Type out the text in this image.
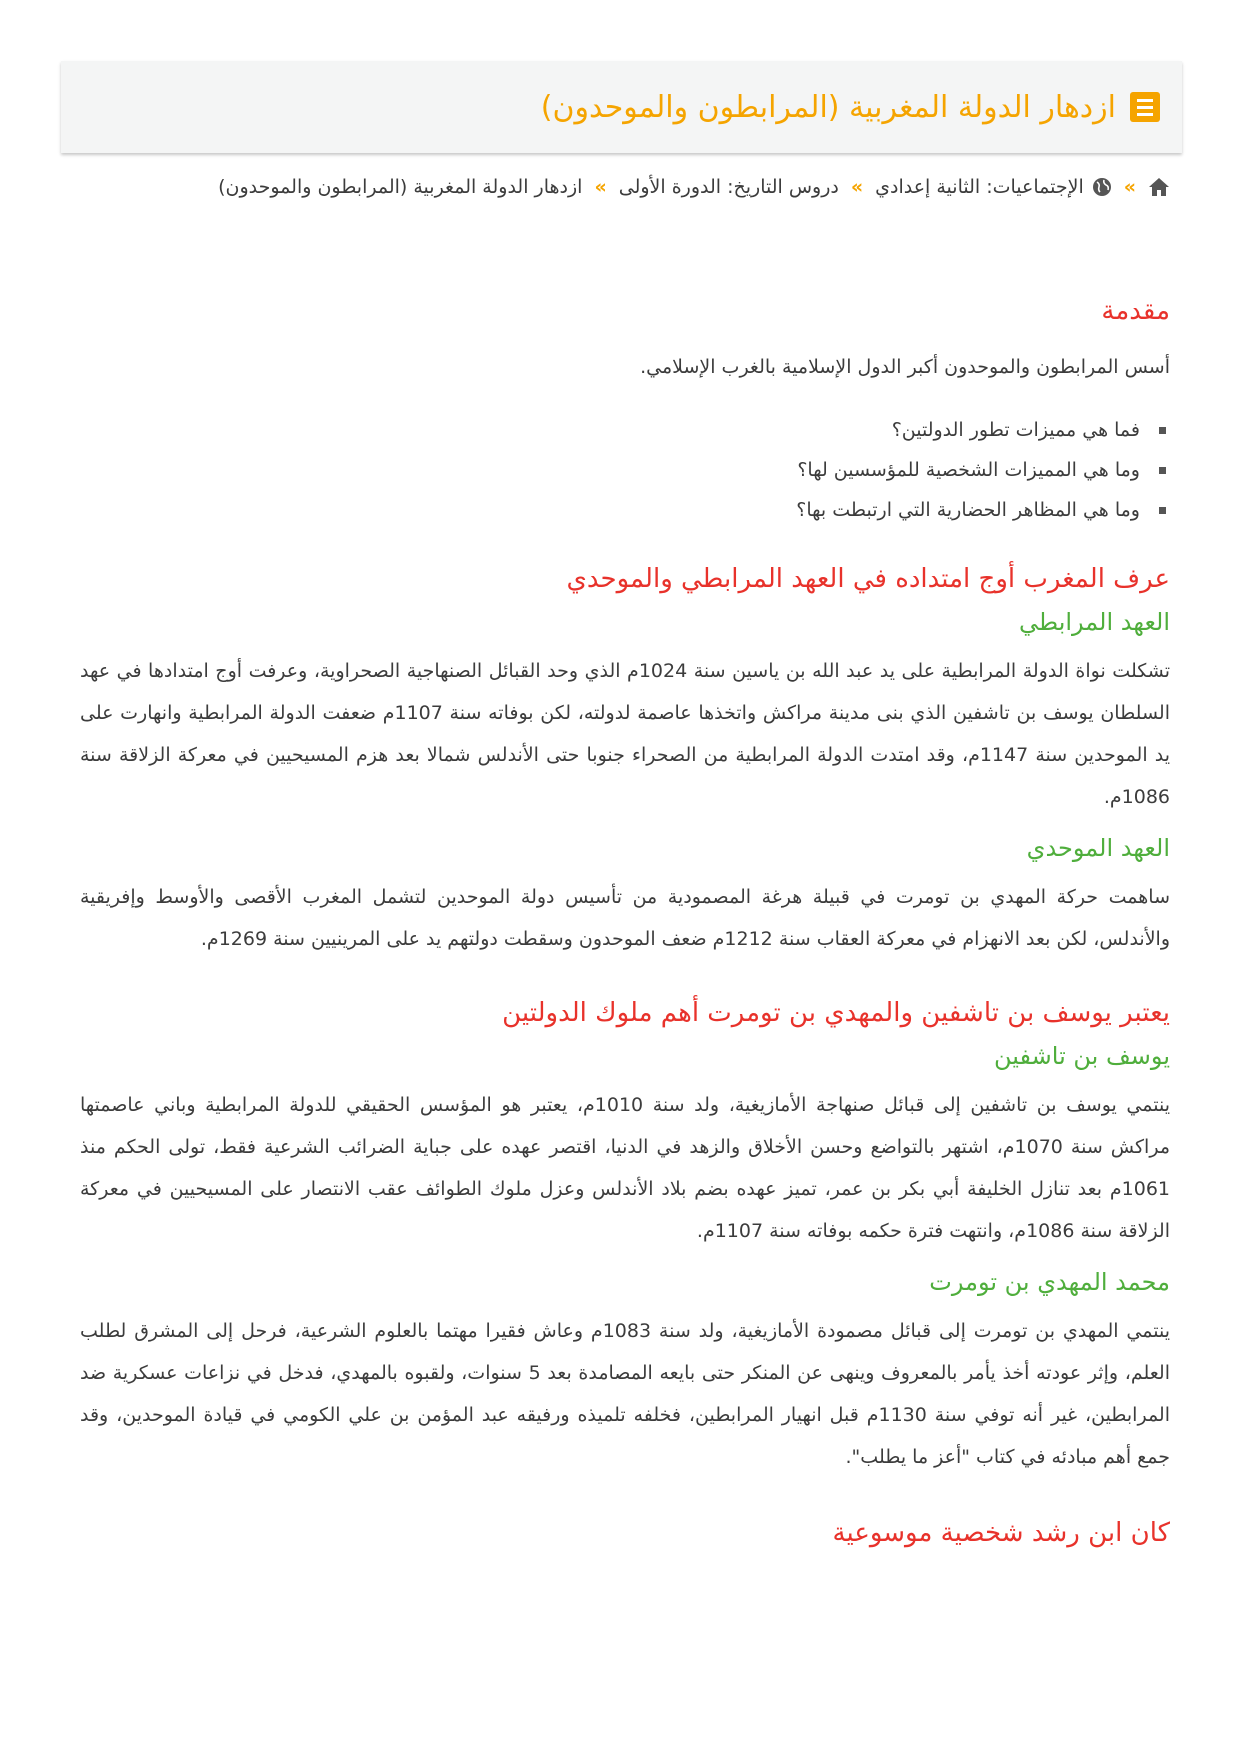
ازدهار الدولة المغربية (المرابطون والموحدون)
»
الإجتماعيات: الثانية إعدادي
»
دروس التاريخ: الدورة الأولى
»
ازدهار الدولة المغربية (المرابطون والموحدون)
مقدمة

أسس المرابطون والموحدون أكبر الدول الإسلامية بالغرب الإسلامي.

فما هي مميزات تطور الدولتين؟
وما هي المميزات الشخصية للمؤسسين لها؟
وما هي المظاهر الحضارية التي ارتبطت بها؟
عرف المغرب أوج امتداده في العهد المرابطي والموحدي
العهد المرابطي

تشكلت نواة الدولة المرابطية على يد عبد الله بن ياسين سنة 1024م الذي وحد القبائل الصنهاجية الصحراوية، وعرفت أوج امتدادها في عهد السلطان يوسف بن تاشفين الذي بنى مدينة مراكش واتخذها عاصمة لدولته، لكن بوفاته سنة 1107م ضعفت الدولة المرابطية وانهارت على يد الموحدين سنة 1147م، وقد امتدت الدولة المرابطية من الصحراء جنوبا حتى الأندلس شمالا بعد هزم المسيحيين في معركة الزلاقة سنة 1086م.

العهد الموحدي

ساهمت حركة المهدي بن تومرت في قبيلة هرغة المصمودية من تأسيس دولة الموحدين لتشمل المغرب الأقصى والأوسط وإفريقية والأندلس، لكن بعد الانهزام في معركة العقاب سنة 1212م ضعف الموحدون وسقطت دولتهم يد على المرينيين سنة 1269م.

يعتبر يوسف بن تاشفين والمهدي بن تومرت أهم ملوك الدولتين
يوسف بن تاشفين

ينتمي يوسف بن تاشفين إلى قبائل صنهاجة الأمازيغية، ولد سنة 1010م، يعتبر هو المؤسس الحقيقي للدولة المرابطية وباني عاصمتها مراكش سنة 1070م، اشتهر بالتواضع وحسن الأخلاق والزهد في الدنيا، اقتصر عهده على جباية الضرائب الشرعية فقط، تولى الحكم منذ 1061م بعد تنازل الخليفة أبي بكر بن عمر، تميز عهده بضم بلاد الأندلس وعزل ملوك الطوائف عقب الانتصار على المسيحيين في معركة الزلاقة سنة 1086م، وانتهت فترة حكمه بوفاته سنة 1107م.

محمد المهدي بن تومرت

ينتمي المهدي بن تومرت إلى قبائل مصمودة الأمازيغية، ولد سنة 1083م وعاش فقيرا مهتما بالعلوم الشرعية، فرحل إلى المشرق لطلب العلم، وإثر عودته أخذ يأمر بالمعروف وينهى عن المنكر حتى بايعه المصامدة بعد 5 سنوات، ولقبوه بالمهدي، فدخل في نزاعات عسكرية ضد المرابطين، غير أنه توفي سنة 1130م قبل انهيار المرابطين، فخلفه تلميذه ورفيقه عبد المؤمن بن علي الكومي في قيادة الموحدين، وقد جمع أهم مبادئه في كتاب "أعز ما يطلب".

كان ابن رشد شخصية موسوعية
